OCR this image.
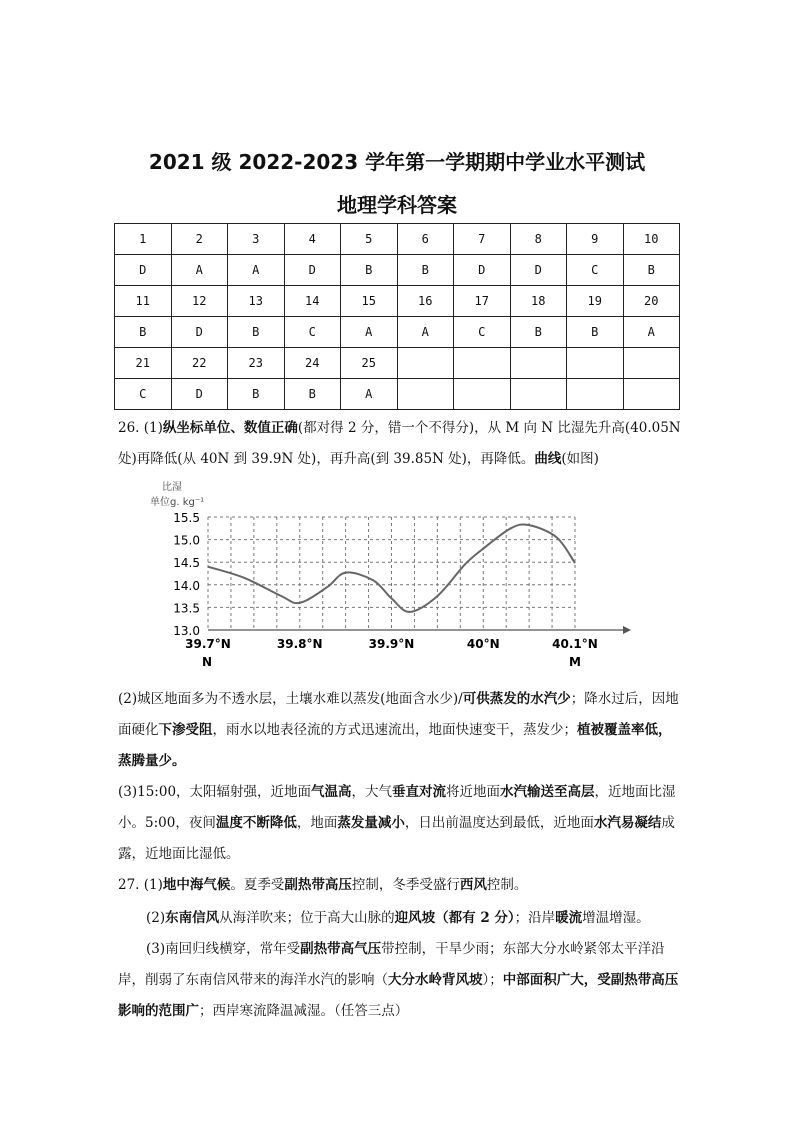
2021 级 2022-2023 学年第一学期期中学业水平测试
地理学科答案
1	2	3	4	5	6	7	8	9	10
D	A	A	D	B	B	D	D	C	B
11	12	13	14	15	16	17	18	19	20
B	D	B	C	A	A	C	B	B	A
21	22	23	24	25					
C	D	B	B	A					
26. (1)纵坐标单位、数值正确(都对得 2 分，错一个不得分)，从 M 向 N 比湿先升高(40.05N处)再降低(从 40N 到 39.9N 处)，再升高(到 39.85N 处)，再降低。曲线(如图)
13.0
13.5
14.0
14.5
15.0
15.5
39.7°N	39.8°N	39.9°N	40°N	40.1°N
比湿
单位g. kg⁻¹
N	M
(2)城区地面多为不透水层，土壤水难以蒸发(地面含水少)/可供蒸发的水汽少；降水过后，因地面硬化下渗受阻，雨水以地表径流的方式迅速流出，地面快速变干，蒸发少；植被覆盖率低，蒸腾量少。
(3)15:00，太阳辐射强，近地面气温高，大气垂直对流将近地面水汽输送至高层，近地面比湿小。5:00，夜间温度不断降低，地面蒸发量减小，日出前温度达到最低，近地面水汽易凝结成露，近地面比湿低。
27. (1)地中海气候。夏季受副热带高压控制，冬季受盛行西风控制。
(2)东南信风从海洋吹来；位于高大山脉的迎风坡（都有 2 分）；沿岸暖流增温增湿。
(3)南回归线横穿，常年受副热带高气压带控制，干旱少雨；东部大分水岭紧邻太平洋沿岸，削弱了东南信风带来的海洋水汽的影响（大分水岭背风坡）；中部面积广大，受副热带高压影响的范围广；西岸寒流降温减湿。（任答三点）
